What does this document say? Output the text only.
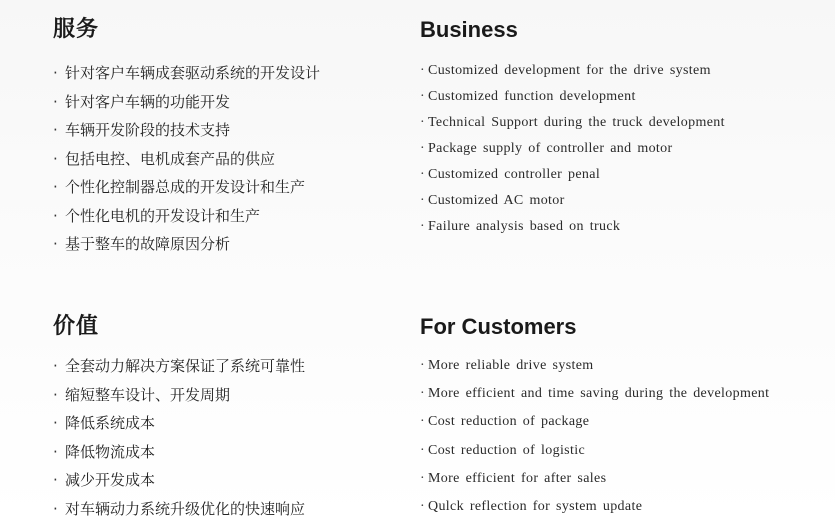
服务
· 针对客户车辆成套驱动系统的开发设计
· 针对客户车辆的功能开发
· 车辆开发阶段的技术支持
· 包括电控、电机成套产品的供应
· 个性化控制器总成的开发设计和生产
· 个性化电机的开发设计和生产
· 基于整车的故障原因分析
Business
· Customized development for the drive system
· Customized function development
· Technical Support during the truck development
· Package supply of controller and motor
· Customized controller penal
· Customized AC motor
· Failure analysis based on truck
价值
· 全套动力解决方案保证了系统可靠性
· 缩短整车设计、开发周期
· 降低系统成本
· 降低物流成本
· 减少开发成本
· 对车辆动力系统升级优化的快速响应
For Customers
· More reliable drive system
· More efficient and time saving during the development
· Cost reduction of package
· Cost reduction of logistic
· More efficient for after sales
· Qulck reflection for system update
